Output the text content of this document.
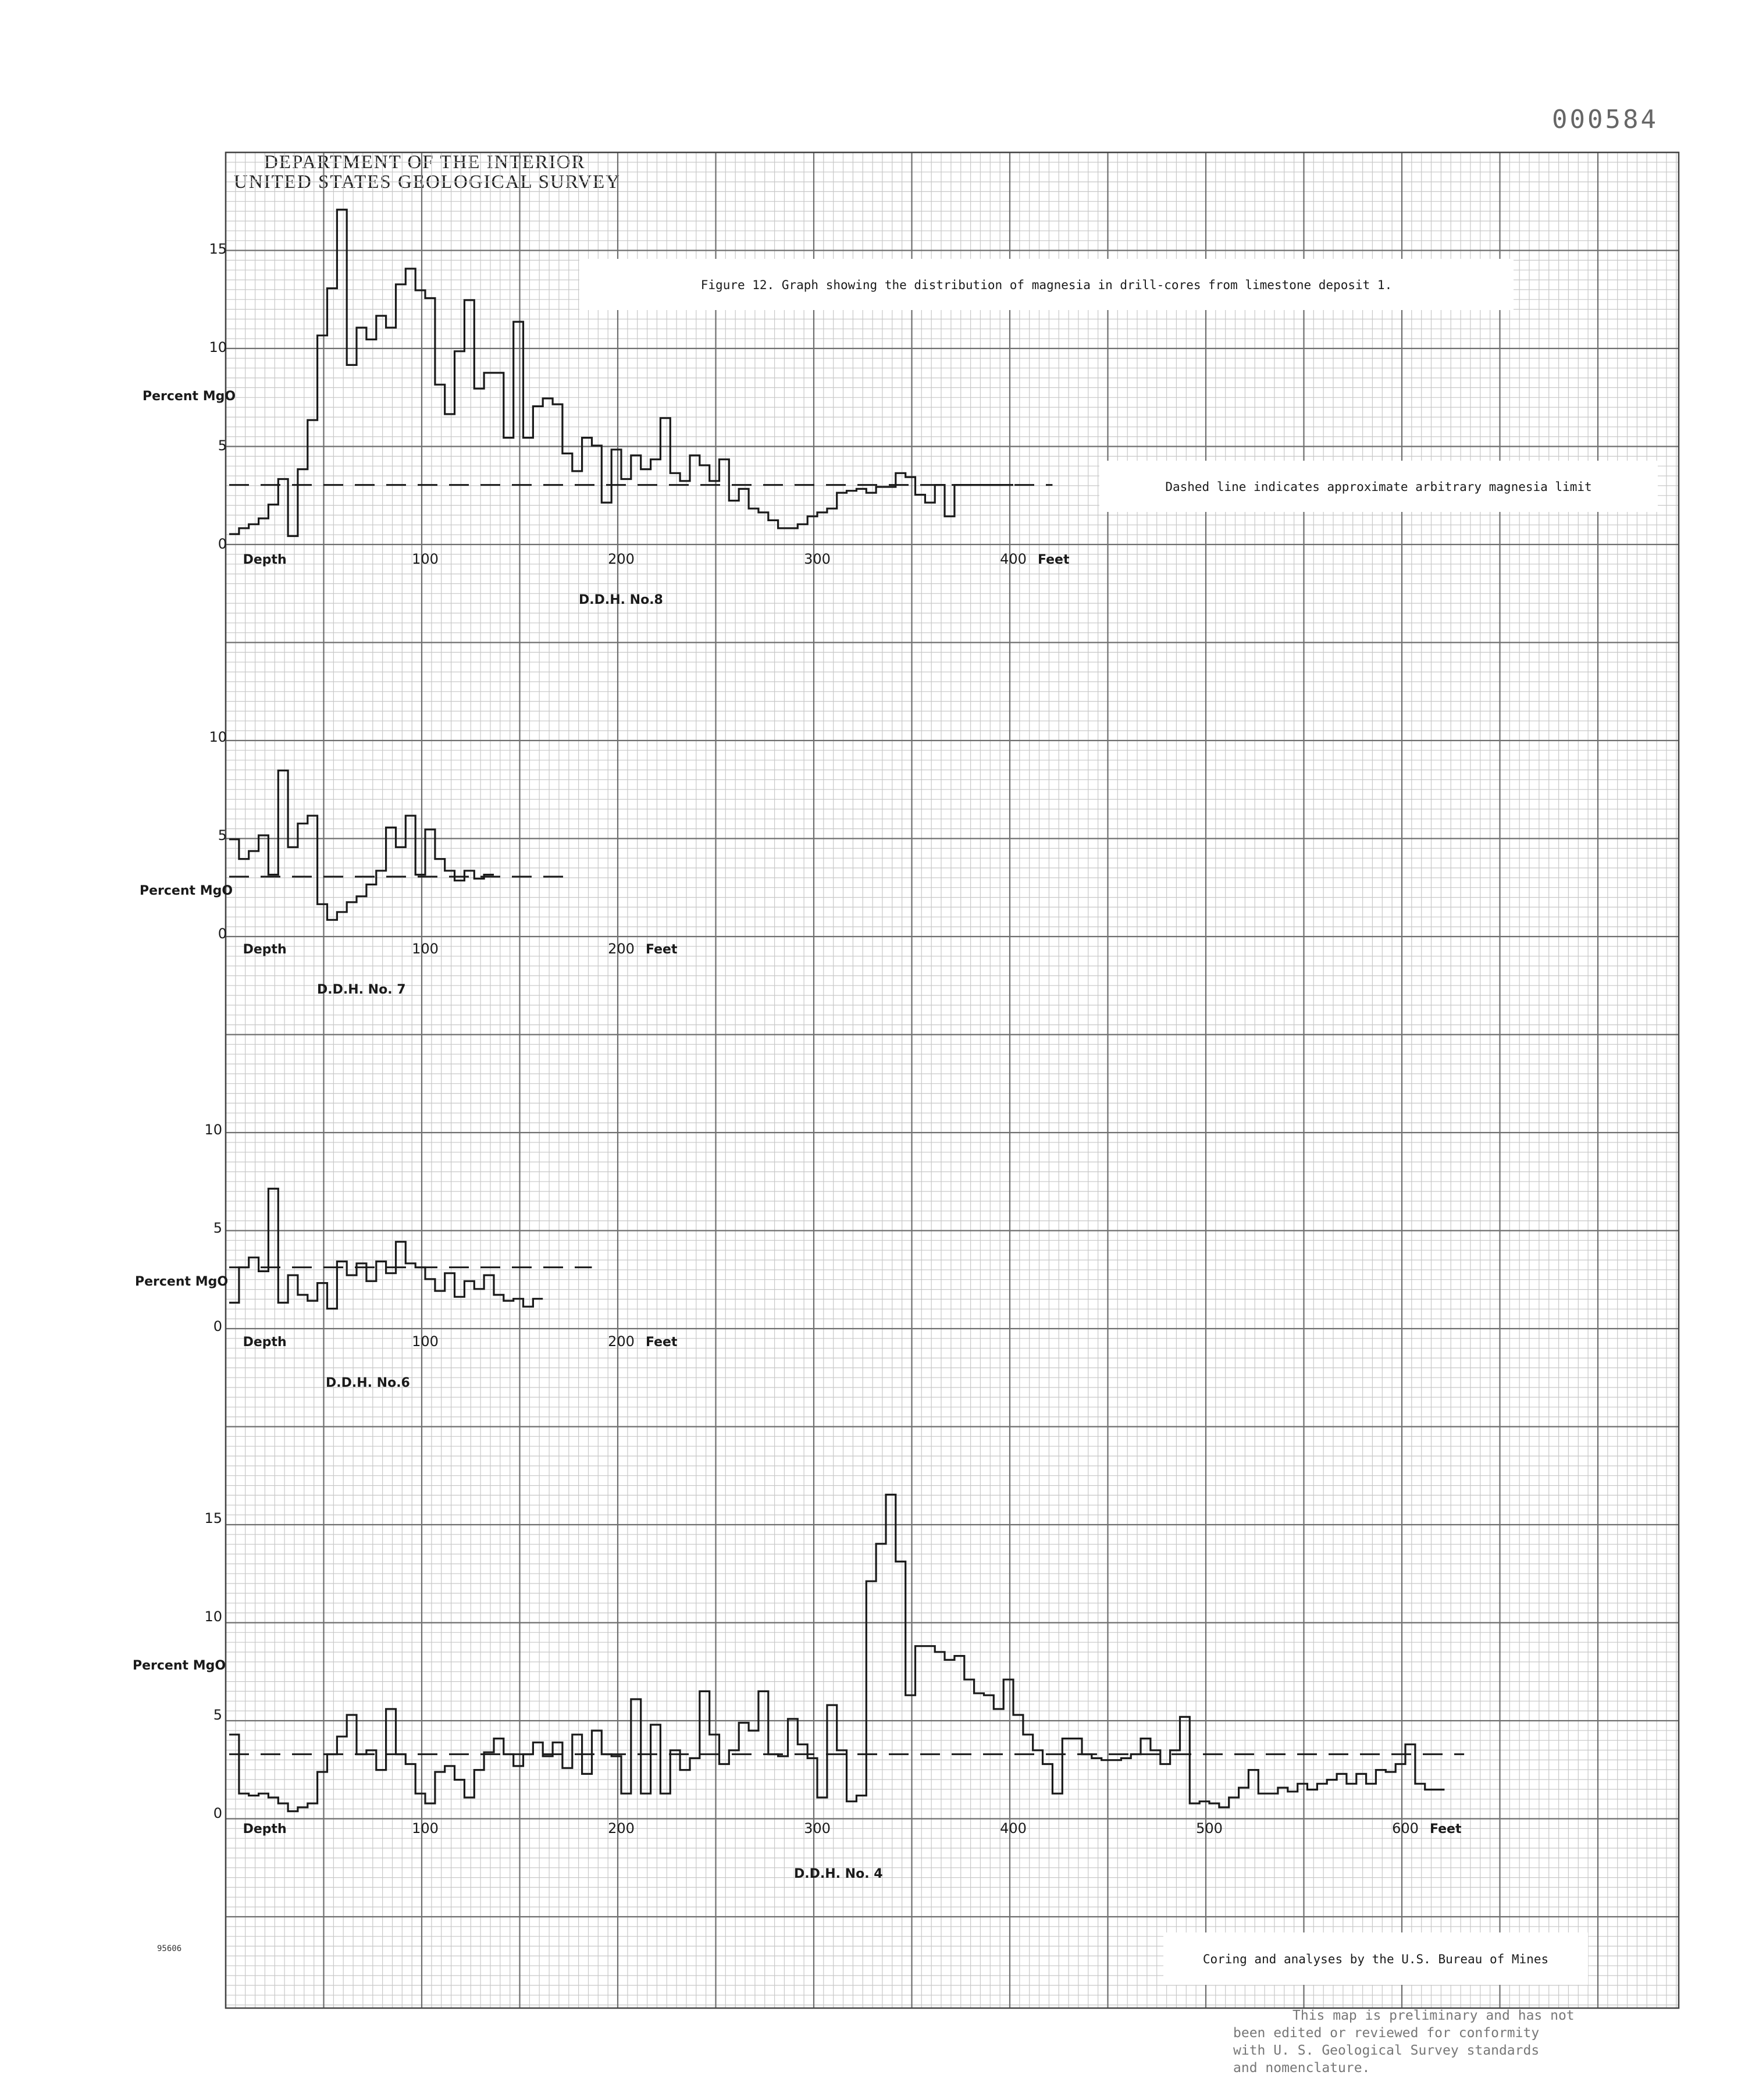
DEPARTMENT OF THE INTERIOR
UNITED STATES GEOLOGICAL SURVEY
000584
95606
This map is preliminary and has not
been edited or reviewed for conformity
with U. S. Geological Survey standards
and nomenclature.
0
5
10
15
Percent MgO
Depth	100	200	300	400 Feet
D.D.H. No.8
0
5
10
Percent MgO
Depth	100	200 Feet
D.D.H. No. 7
0
5
10
Percent MgO
Depth	100	200 Feet
D.D.H. No.6
0
5
10
15
Percent MgO
Depth	100	200	300	400	500	600 Feet
D.D.H. No. 4
Figure 12. Graph showing the distribution of magnesia in drill-cores from limestone deposit 1.
Dashed line indicates approximate arbitrary magnesia limit
Coring and analyses by the U.S. Bureau of Mines
